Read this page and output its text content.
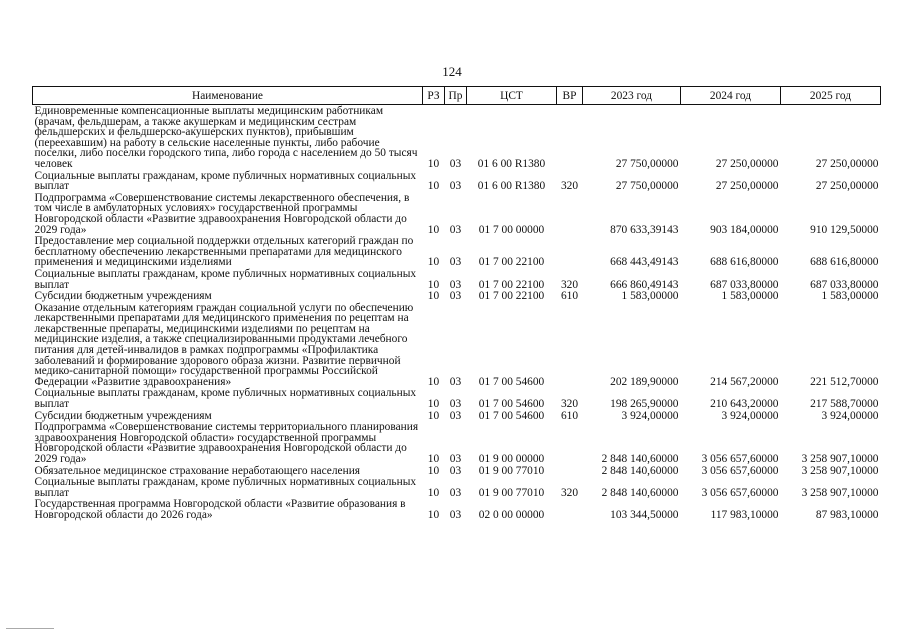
124
Наименование	РЗ	Пр	ЦСТ	ВР	2023 год	2024 год	2025 год
Единовременные компенсационные выплаты медицинским работникам (врачам, фельдшерам, а также акушеркам и медицинским сестрам фельдшерских и фельдшерско-акушерских пунктов), прибывшим (переехавшим) на работу в сельские населенные пункты, либо рабочие поселки, либо поселки городского типа, либо города с населением до 50 тысяч человек	10	03	01 6 00 R1380		27 750,00000	27 250,00000	27 250,00000
Социальные выплаты гражданам, кроме публичных нормативных социальных выплат	10	03	01 6 00 R1380	320	27 750,00000	27 250,00000	27 250,00000
Подпрограмма «Совершенствование системы лекарственного обеспечения, в том числе в амбулаторных условиях» государственной программы Новгородской области «Развитие здравоохранения Новгородской области до 2029 года»	10	03	01 7 00 00000		870 633,39143	903 184,00000	910 129,50000
Предоставление мер социальной поддержки отдельных категорий граждан по бесплатному обеспечению лекарственными препаратами для медицинского применения и медицинскими изделиями	10	03	01 7 00 22100		668 443,49143	688 616,80000	688 616,80000
Социальные выплаты гражданам, кроме публичных нормативных социальных выплат	10	03	01 7 00 22100	320	666 860,49143	687 033,80000	687 033,80000
Субсидии бюджетным учреждениям	10	03	01 7 00 22100	610	1 583,00000	1 583,00000	1 583,00000
Оказание отдельным категориям граждан социальной услуги по обеспечению лекарственными препаратами для медицинского применения по рецептам на лекарственные препараты, медицинскими изделиями по рецептам на медицинские изделия, а также специализированными продуктами лечебного питания для детей-инвалидов в рамках подпрограммы «Профилактика заболеваний и формирование здорового образа жизни. Развитие первичной медико-санитарной помощи» государственной программы Российской Федерации «Развитие здравоохранения»	10	03	01 7 00 54600		202 189,90000	214 567,20000	221 512,70000
Социальные выплаты гражданам, кроме публичных нормативных социальных выплат	10	03	01 7 00 54600	320	198 265,90000	210 643,20000	217 588,70000
Субсидии бюджетным учреждениям	10	03	01 7 00 54600	610	3 924,00000	3 924,00000	3 924,00000
Подпрограмма «Совершенствование системы территориального планирования здравоохранения Новгородской области» государственной программы Новгородской области «Развитие здравоохранения Новгородской области до 2029 года»	10	03	01 9 00 00000		2 848 140,60000	3 056 657,60000	3 258 907,10000
Обязательное медицинское страхование неработающего населения	10	03	01 9 00 77010		2 848 140,60000	3 056 657,60000	3 258 907,10000
Социальные выплаты гражданам, кроме публичных нормативных социальных выплат	10	03	01 9 00 77010	320	2 848 140,60000	3 056 657,60000	3 258 907,10000
Государственная программа Новгородской области «Развитие образования в Новгородской области до 2026 года»	10	03	02 0 00 00000		103 344,50000	117 983,10000	87 983,10000
